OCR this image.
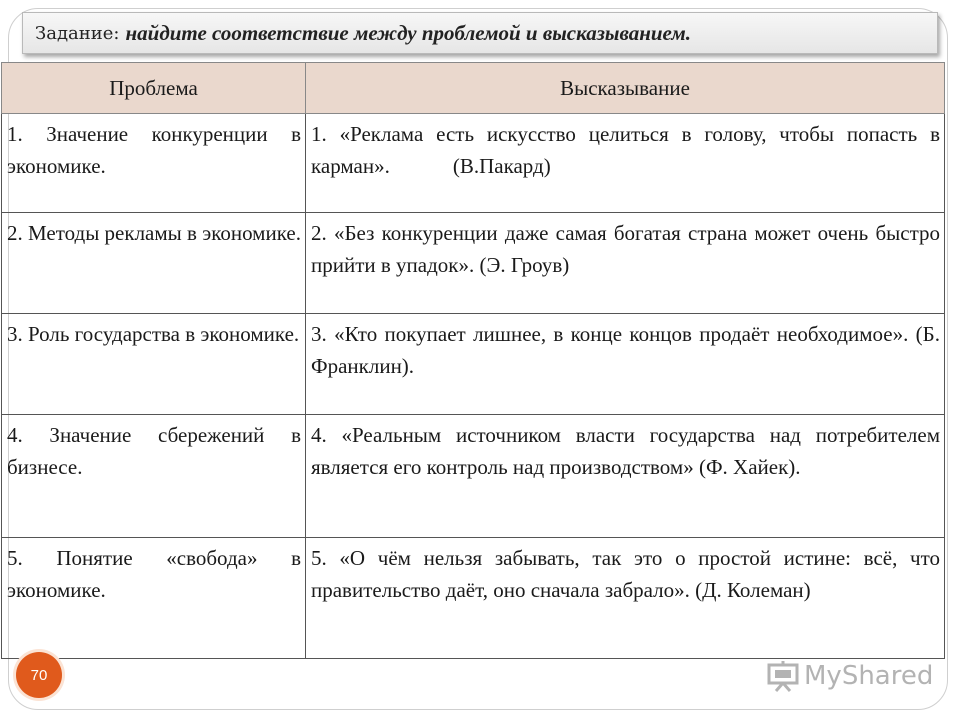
Задание: найдите соответствие между проблемой и высказыванием.
Проблема	Высказывание
1. Значение конкуренции в экономике.	1. «Реклама есть искусство целиться в голову, чтобы попасть в карман».            (В.Пакард)
2. Методы рекламы в экономике.	2. «Без конкуренции даже самая богатая страна может очень быстро прийти в упадок». (Э. Гроув)
3. Роль государства в экономике.	3. «Кто покупает лишнее, в конце концов продаёт необходимое». (Б. Франклин).
4. Значение сбережений в бизнесе.	4. «Реальным источником власти государства над потребителем является его контроль над производством» (Ф. Хайек).
5. Понятие «свобода» в экономике.	5. «О чём нельзя забывать, так это о простой истине: всё, что правительство даёт, оно сначала забрало». (Д. Колеман)
70	MyShared
